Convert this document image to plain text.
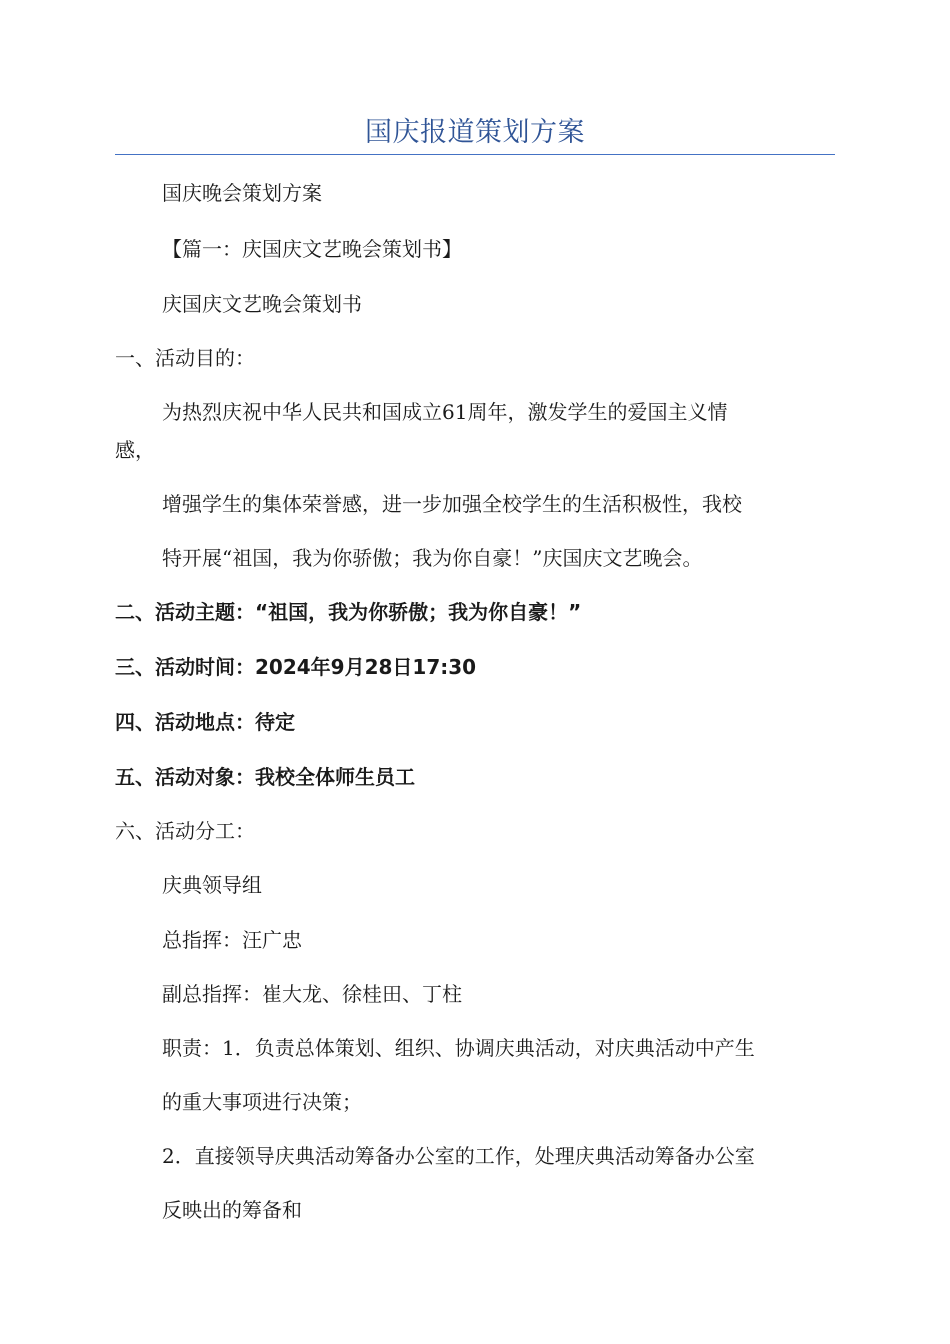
国庆报道策划方案
国庆晚会策划方案
【篇一：庆国庆文艺晚会策划书】
庆国庆文艺晚会策划书
一、活动目的：
为热烈庆祝中华人民共和国成立61周年，激发学生的爱国主义情
感，
增强学生的集体荣誉感，进一步加强全校学生的生活积极性，我校
特开展“祖国，我为你骄傲；我为你自豪！”庆国庆文艺晚会。
二、活动主题：“祖国，我为你骄傲；我为你自豪！”
三、活动时间：2024年9月28日17:30
四、活动地点：待定
五、活动对象：我校全体师生员工
六、活动分工：
庆典领导组
总指挥：汪广忠
副总指挥：崔大龙、徐桂田、丁柱
职责：1．负责总体策划、组织、协调庆典活动，对庆典活动中产生
的重大事项进行决策；
2．直接领导庆典活动筹备办公室的工作，处理庆典活动筹备办公室
反映出的筹备和
